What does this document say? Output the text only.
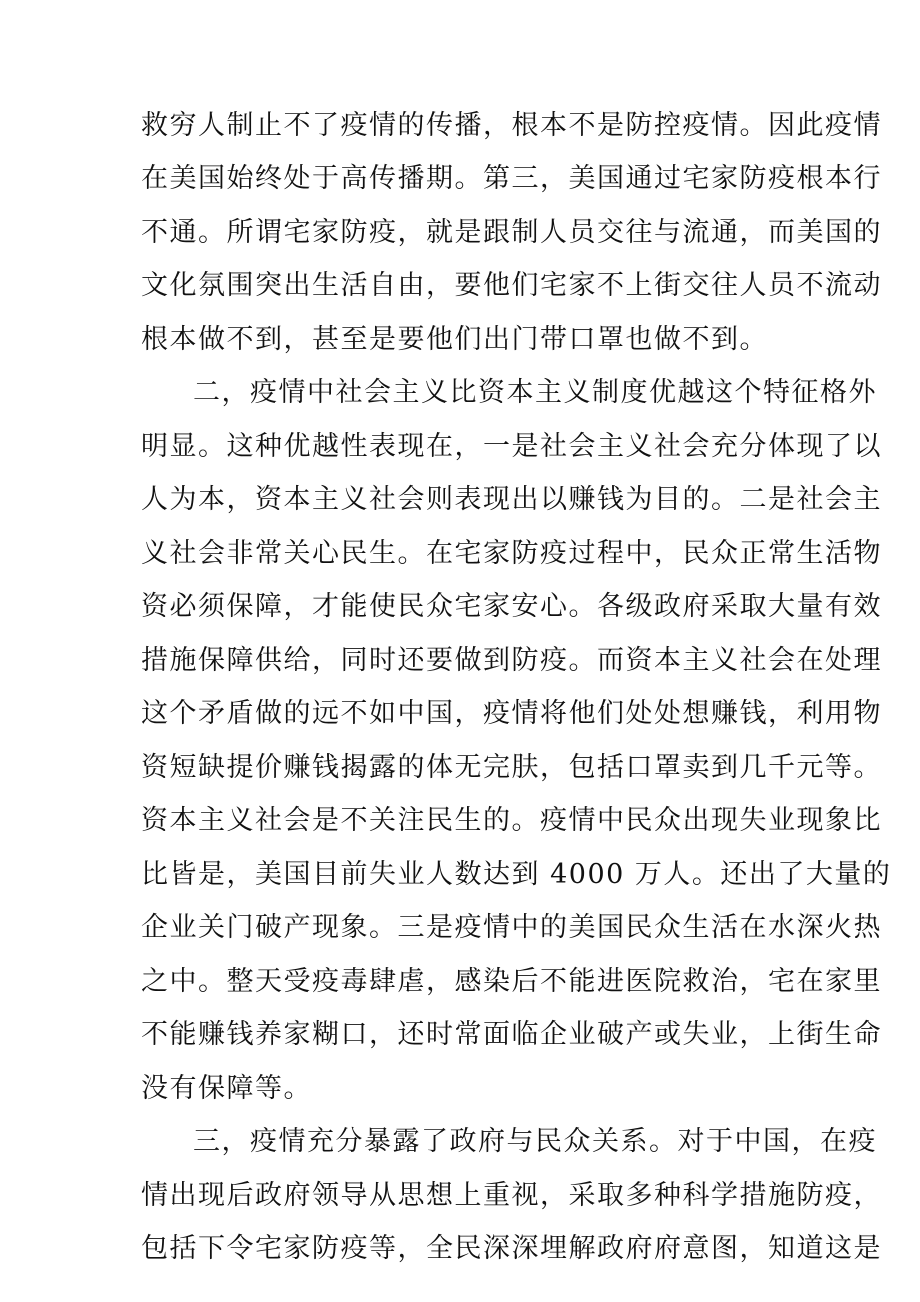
救穷人制止不了疫情的传播，根本不是防控疫情。因此疫情
在美国始终处于高传播期。第三，美国通过宅家防疫根本行
不通。所谓宅家防疫，就是跟制人员交往与流通，而美国的
文化氛围突出生活自由，要他们宅家不上街交往人员不流动
根本做不到，甚至是要他们出门带口罩也做不到。
二，疫情中社会主义比资本主义制度优越这个特征格外
明显。这种优越性表现在，一是社会主义社会充分体现了以
人为本，资本主义社会则表现出以赚钱为目的。二是社会主
义社会非常关心民生。在宅家防疫过程中，民众正常生活物
资必须保障，才能使民众宅家安心。各级政府采取大量有效
措施保障供给，同时还要做到防疫。而资本主义社会在处理
这个矛盾做的远不如中国，疫情将他们处处想赚钱，利用物
资短缺提价赚钱揭露的体无完肤，包括口罩卖到几千元等。
资本主义社会是不关注民生的。疫情中民众出现失业现象比
比皆是，美国目前失业人数达到 4000 万人。还出了大量的
企业关门破产现象。三是疫情中的美国民众生活在水深火热
之中。整天受疫毒肆虐，感染后不能进医院救治，宅在家里
不能赚钱养家糊口，还时常面临企业破产或失业，上街生命
没有保障等。
三，疫情充分暴露了政府与民众关系。对于中国，在疫
情出现后政府领导从思想上重视，采取多种科学措施防疫，
包括下令宅家防疫等，全民深深埋解政府府意图，知道这是
